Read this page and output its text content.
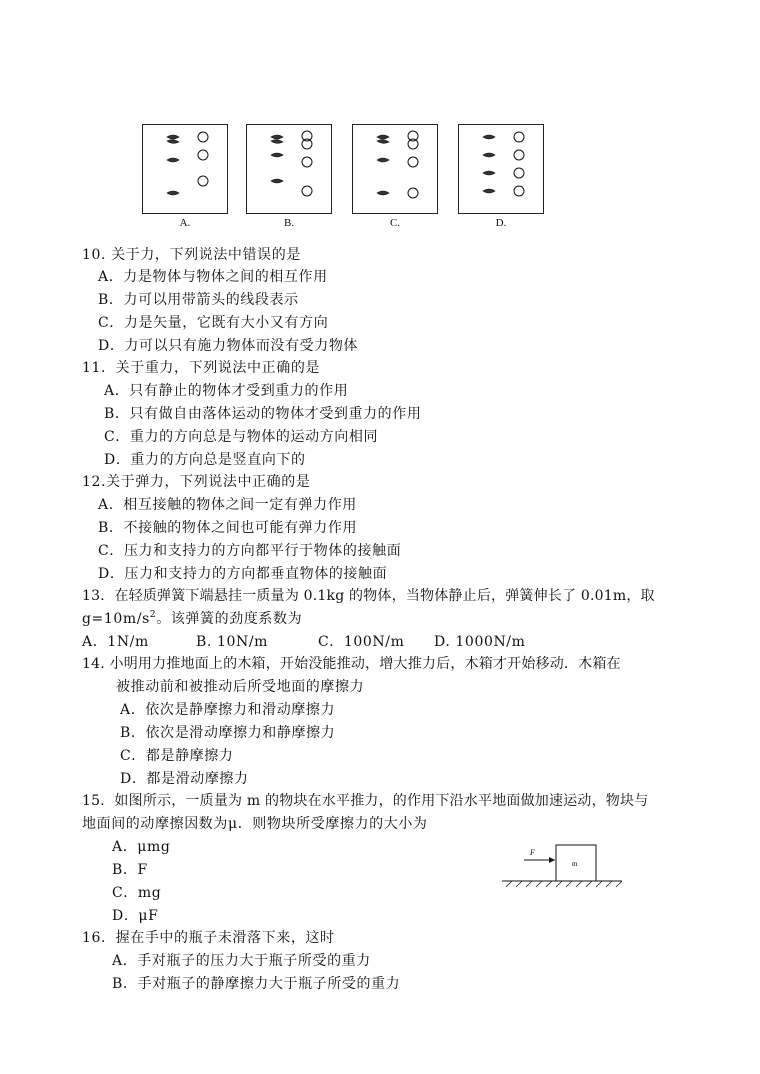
A.	B.	C.	D.
10. 关于力，下列说法中错误的是
A．力是物体与物体之间的相互作用
B．力可以用带箭头的线段表示
C．力是矢量，它既有大小又有方向
D．力可以只有施力物体而没有受力物体
11．关于重力，下列说法中正确的是
A．只有静止的物体才受到重力的作用
B．只有做自由落体运动的物体才受到重力的作用
C．重力的方向总是与物体的运动方向相同
D．重力的方向总是竖直向下的
12.关于弹力，下列说法中正确的是
A．相互接触的物体之间一定有弹力作用
B．不接触的物体之间也可能有弹力作用
C．压力和支持力的方向都平行于物体的接触面
D．压力和支持力的方向都垂直物体的接触面
13．在轻质弹簧下端悬挂一质量为 0.1kg 的物体，当物体静止后，弹簧伸长了 0.01m，取
$g=10m/s^2$。该弹簧的劲度系数为
A．1N/m	B. 10N/m	C．100N/m D. 1000N/m
14. 小明用力推地面上的木箱，开始没能推动，增大推力后，木箱才开始移动．木箱在
被推动前和被推动后所受地面的摩擦力
A．依次是静摩擦力和滑动摩擦力
B．依次是滑动摩擦力和静摩擦力
C．都是静摩擦力
D．都是滑动摩擦力
15．如图所示，一质量为 m 的物块在水平推力，的作用下沿水平地面做加速运动，物块与
地面间的动摩擦因数为μ．则物块所受摩擦力的大小为
A．μmg
B．F
C．mg
D．μF
16．握在手中的瓶子未滑落下来，这时
A．手对瓶子的压力大于瓶子所受的重力
B．手对瓶子的静摩擦力大于瓶子所受的重力
F
m
